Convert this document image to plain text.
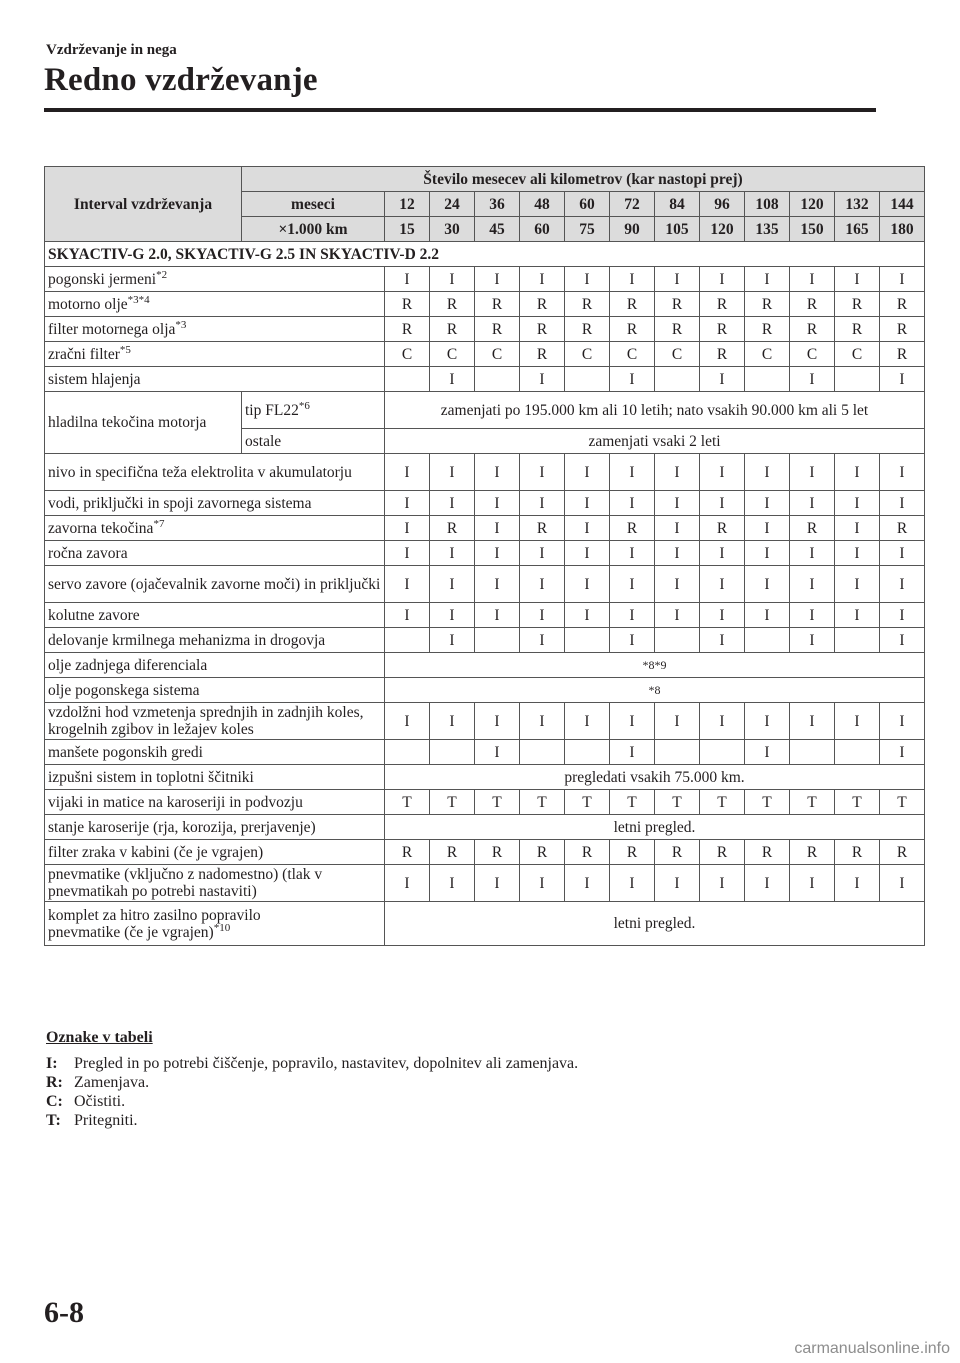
Vzdrževanje in nega
Redno vzdrževanje
Interval vzdrževanja	Število mesecev ali kilometrov (kar nastopi prej)												
	meseci	12	24	36	48	60	72	84	96	108	120	132	144
	×1.000 km	15	30	45	60	75	90	105	120	135	150	165	180
SKYACTIV-G 2.0, SKYACTIV-G 2.5 IN SKYACTIV-D 2.2													
pogonski jermeni$^{*2}$		I	I	I	I	I	I	I	I	I	I	I	I
motorno olje$^{*3*4}$		R	R	R	R	R	R	R	R	R	R	R	R
filter motornega olja$^{*3}$		R	R	R	R	R	R	R	R	R	R	R	R
zračni filter$^{*5}$		C	C	C	R	C	C	C	R	C	C	C	R
sistem hlajenja			I		I		I		I		I		I
hladilna tekočina motorja	tip FL22$^{*6}$	zamenjati po 195.000 km ali 10 letih; nato vsakih 90.000 km ali 5 let											
	ostale	zamenjati vsaki 2 leti											
nivo in specifična teža elektrolita v akumulatorju		I	I	I	I	I	I	I	I	I	I	I	I
vodi, priključki in spoji zavornega sistema		I	I	I	I	I	I	I	I	I	I	I	I
zavorna tekočina$^{*7}$		I	R	I	R	I	R	I	R	I	R	I	R
ročna zavora		I	I	I	I	I	I	I	I	I	I	I	I
servo zavore (ojačevalnik zavorne moči) in priključki		I	I	I	I	I	I	I	I	I	I	I	I
kolutne zavore		I	I	I	I	I	I	I	I	I	I	I	I
delovanje krmilnega mehanizma in drogovja			I		I		I		I		I		I
olje zadnjega diferenciala		*8*9											
olje pogonskega sistema		*8											
vzdolžni hod vzmetenja sprednjih in zadnjih koles, krogelnih zgibov in ležajev koles		I	I	I	I	I	I	I	I	I	I	I	I
manšete pogonskih gredi				I			I			I			I
izpušni sistem in toplotni ščitniki		pregledati vsakih 75.000 km.											
vijaki in matice na karoseriji in podvozju		T	T	T	T	T	T	T	T	T	T	T	T
stanje karoserije (rja, korozija, prerjavenje)		letni pregled.											
filter zraka v kabini (če je vgrajen)		R	R	R	R	R	R	R	R	R	R	R	R
pnevmatike (vključno z nadomestno) (tlak v pnevmatikah po potrebi nastaviti)		I	I	I	I	I	I	I	I	I	I	I	I
komplet za hitro zasilno popravilo
pnevmatike (če je vgrajen)$^{*10}$		letni pregled.											
Oznake v tabeli
I:	Pregled in po potrebi čiščenje, popravilo, nastavitev, dopolnitev ali zamenjava.
R: Zamenjava.
C: Očistiti.
T: Pritegniti.
6-8
carmanualsonline.info
